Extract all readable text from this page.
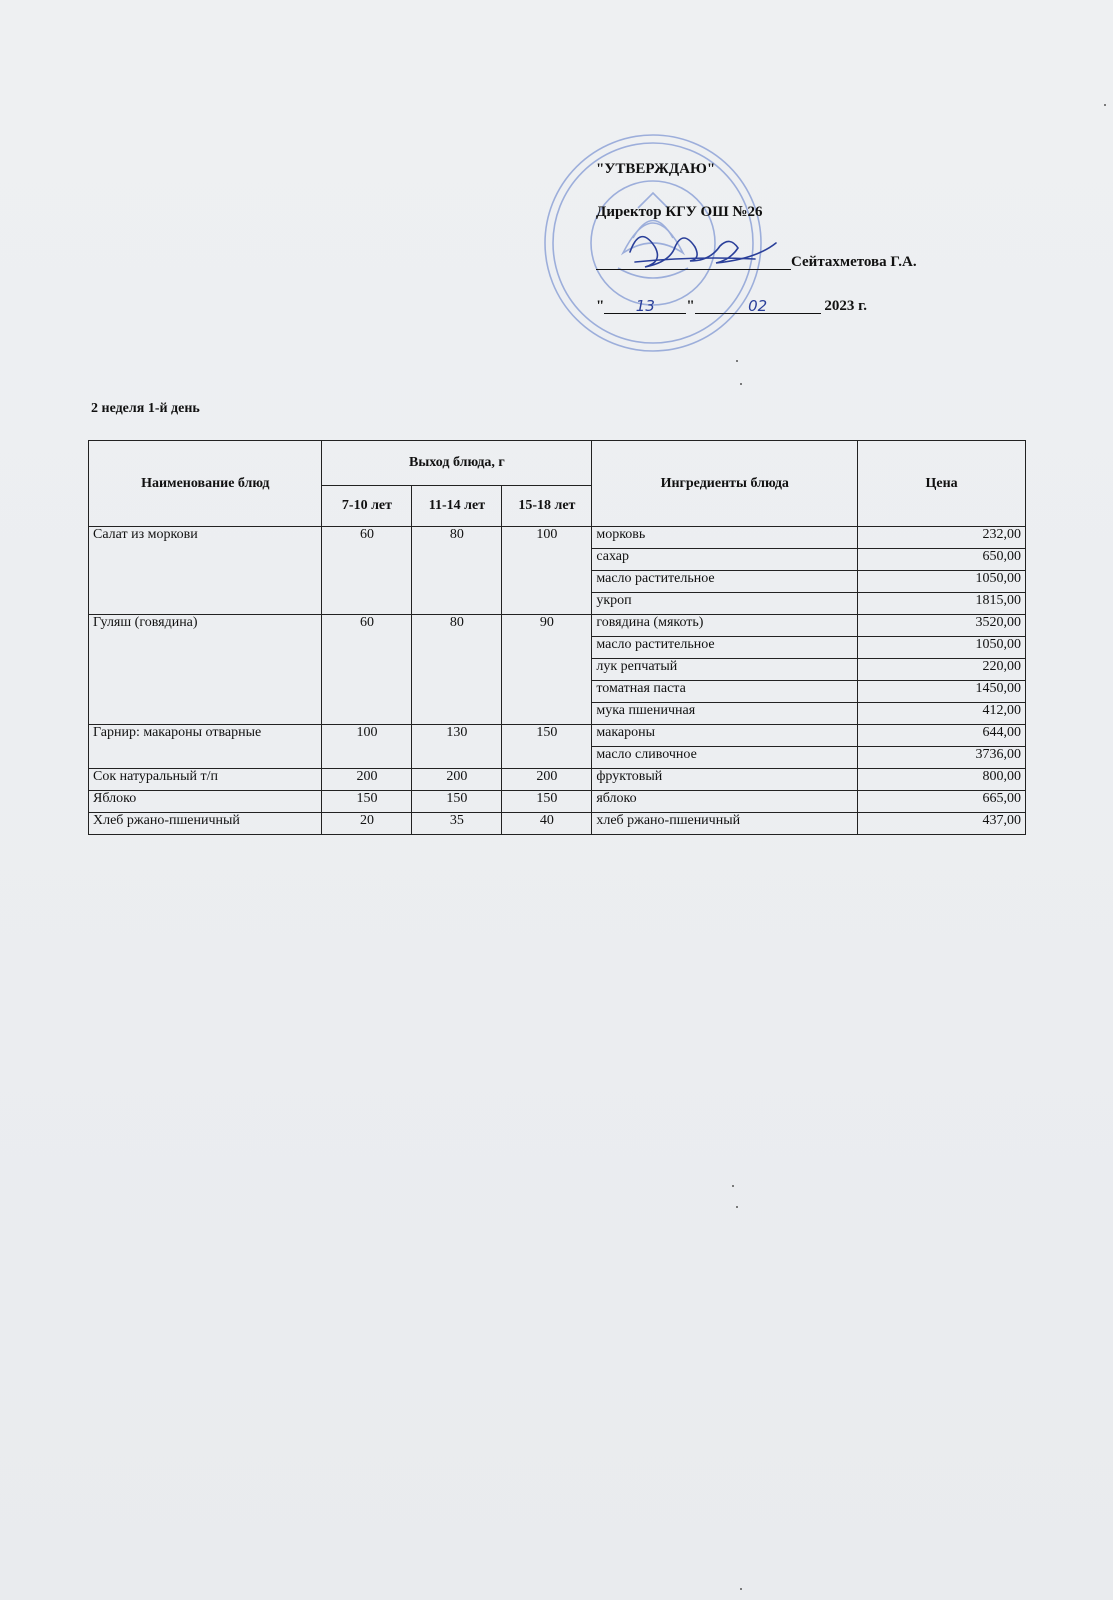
"УТВЕРЖДАЮ"
Директор КГУ ОШ №26
Сейтахметова Г.А.
" 13 "	02	2023 г.
2 неделя 1-й день
Наименование блюд	Выход блюда, г			Ингредиенты блюда	Цена
	7-10 лет	11-14 лет	15-18 лет		
Салат из моркови	60	80	100	морковь	232,00
				сахар	650,00
				масло растительное	1050,00
				укроп	1815,00
Гуляш (говядина)	60	80	90	говядина (мякоть)	3520,00
				масло растительное	1050,00
				лук репчатый	220,00
				томатная паста	1450,00
				мука пшеничная	412,00
Гарнир: макароны отварные	100	130	150	макароны	644,00
				масло сливочное	3736,00
Сок натуральный т/п	200	200	200	фруктовый	800,00
Яблоко	150	150	150	яблоко	665,00
Хлеб ржано-пшеничный	20	35	40	хлеб ржано-пшеничный	437,00
